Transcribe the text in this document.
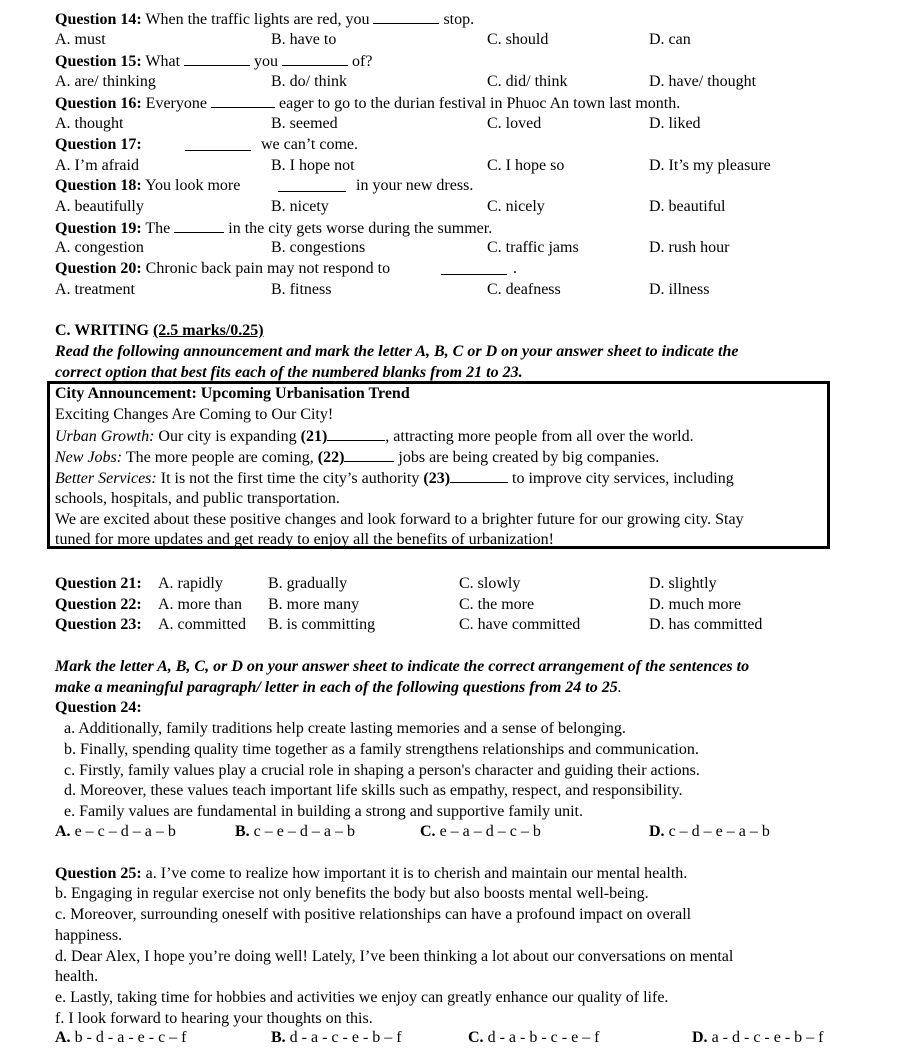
Question 14: When the traffic lights are red, you	stop.
A. must	B. have to	C. should	D. can
Question 15: What	you	of?
A. are/ thinking	B. do/ think	C. did/ think	D. have/ thought
Question 16: Everyone	eager to go to the durian festival in Phuoc An town last month.
A. thought	B. seemed	C. loved	D. liked
Question 17:	we can’t come.
A. I’m afraid	B. I hope not	C. I hope so	D. It’s my pleasure
Question 18: You look more	in your new dress.
A. beautifully	B. nicety	C. nicely	D. beautiful
Question 19: The	in the city gets worse during the summer.
A. congestion	B. congestions	C. traffic jams	D. rush hour
Question 20: Chronic back pain may not respond to	.
A. treatment	B. fitness	C. deafness	D. illness
C. WRITING (2.5 marks/0.25)
Read the following announcement and mark the letter A, B, C or D on your answer sheet to indicate the
correct option that best fits each of the numbered blanks from 21 to 23.
City Announcement: Upcoming Urbanisation Trend
Exciting Changes Are Coming to Our City!
Urban Growth: Our city is expanding (21)	, attracting more people from all over the world.
New Jobs: The more people are coming, (22)	jobs are being created by big companies.
Better Services: It is not the first time the city’s authority (23)	to improve city services, including
schools, hospitals, and public transportation.
We are excited about these positive changes and look forward to a brighter future for our growing city. Stay
tuned for more updates and get ready to enjoy all the benefits of urbanization!
Question 21: A. rapidly	B. gradually	C. slowly	D. slightly
Question 22: A. more than B. more many	C. the more	D. much more
Question 23: A. committed B. is committing	C. have committed	D. has committed
Mark the letter A, B, C, or D on your answer sheet to indicate the correct arrangement of the sentences to
make a meaningful paragraph/ letter in each of the following questions from 24 to 25.
Question 24:
a. Additionally, family traditions help create lasting memories and a sense of belonging.
b. Finally, spending quality time together as a family strengthens relationships and communication.
c. Firstly, family values play a crucial role in shaping a person's character and guiding their actions.
d. Moreover, these values teach important life skills such as empathy, respect, and responsibility.
e. Family values are fundamental in building a strong and supportive family unit.
A. e – c – d – a – b	B. c – e – d – a – b	C. e – a – d – c – b	D. c – d – e – a – b
Question 25: a. I’ve come to realize how important it is to cherish and maintain our mental health.
b. Engaging in regular exercise not only benefits the body but also boosts mental well-being.
c. Moreover, surrounding oneself with positive relationships can have a profound impact on overall
happiness.
d. Dear Alex, I hope you’re doing well! Lately, I’ve been thinking a lot about our conversations on mental
health.
e. Lastly, taking time for hobbies and activities we enjoy can greatly enhance our quality of life.
f. I look forward to hearing your thoughts on this.
A. b - d - a - e - c – f	B. d - a - c - e - b – f	C. d - a - b - c - e – f	D. a - d - c - e - b – f
